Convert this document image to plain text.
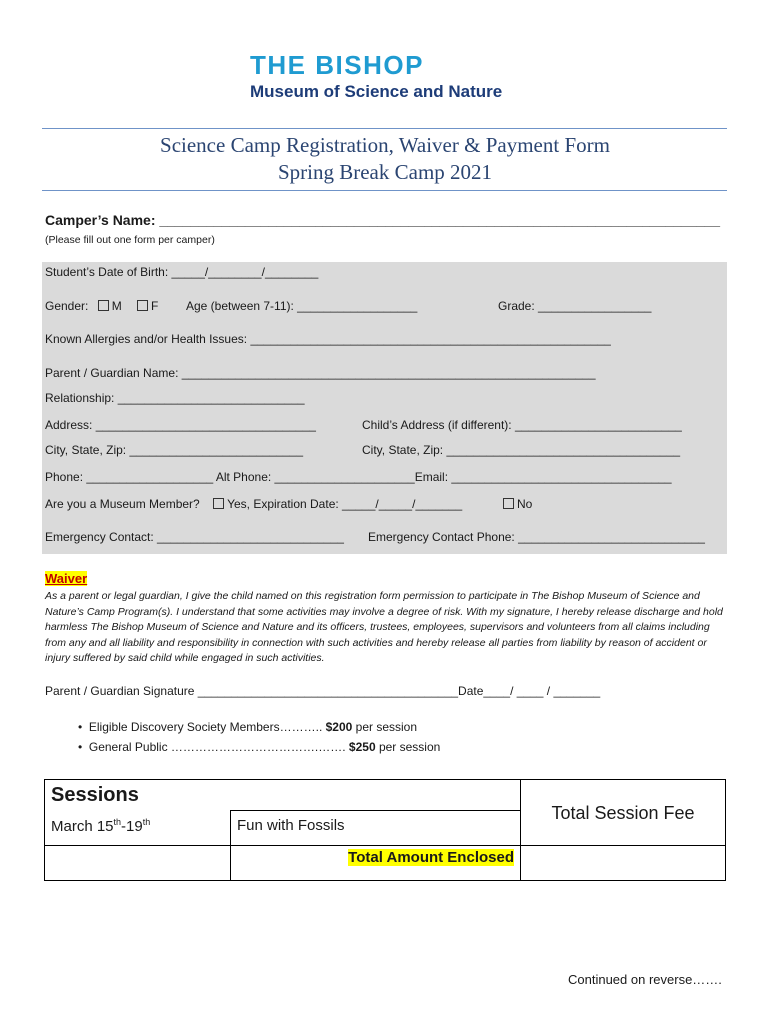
THE BISHOP
Museum of Science and Nature
Science Camp Registration, Waiver & Payment Form
Spring Break Camp 2021
Camper’s Name: ________________________________________________________________________
(Please fill out one form per camper)
Student’s Date of Birth: _____/________/________
Gender: M F Age (between 7-11): __________________	Grade: _________________
Known Allergies and/or Health Issues: ______________________________________________________
Parent / Guardian Name: ______________________________________________________________
Relationship: ____________________________
Address: _________________________________	Child’s Address (if different): _________________________
City, State, Zip: __________________________	City, State, Zip: ___________________________________
Phone: ___________________ Alt Phone: _____________________Email: _________________________________
Are you a Museum Member? Yes, Expiration Date: _____/_____/_______	No
Emergency Contact: ____________________________ Emergency Contact Phone: ____________________________
Waiver
As a parent or legal guardian, I give the child named on this registration form permission to participate in The Bishop Museum of Science and Nature’s Camp Program(s). I understand that some activities may involve a degree of risk. With my signature, I hereby release discharge and hold harmless The Bishop Museum of Science and Nature and its officers, trustees, employees, supervisors and volunteers from all claims including from any and all liability and responsibility in connection with such activities and hereby release all parties from liability by reason of accident or injury suffered by said child while engaged in such activities.
Parent / Guardian Signature _______________________________________Date____/ ____ / _______
•  Eligible Discovery Society Members……….. $200 per session
•  General Public ……………………………….……. $250 per session
Sessions		Total Session Fee
March 15th-19th	Fun with Fossils	
	Total Amount Enclosed	
Continued on reverse…….
